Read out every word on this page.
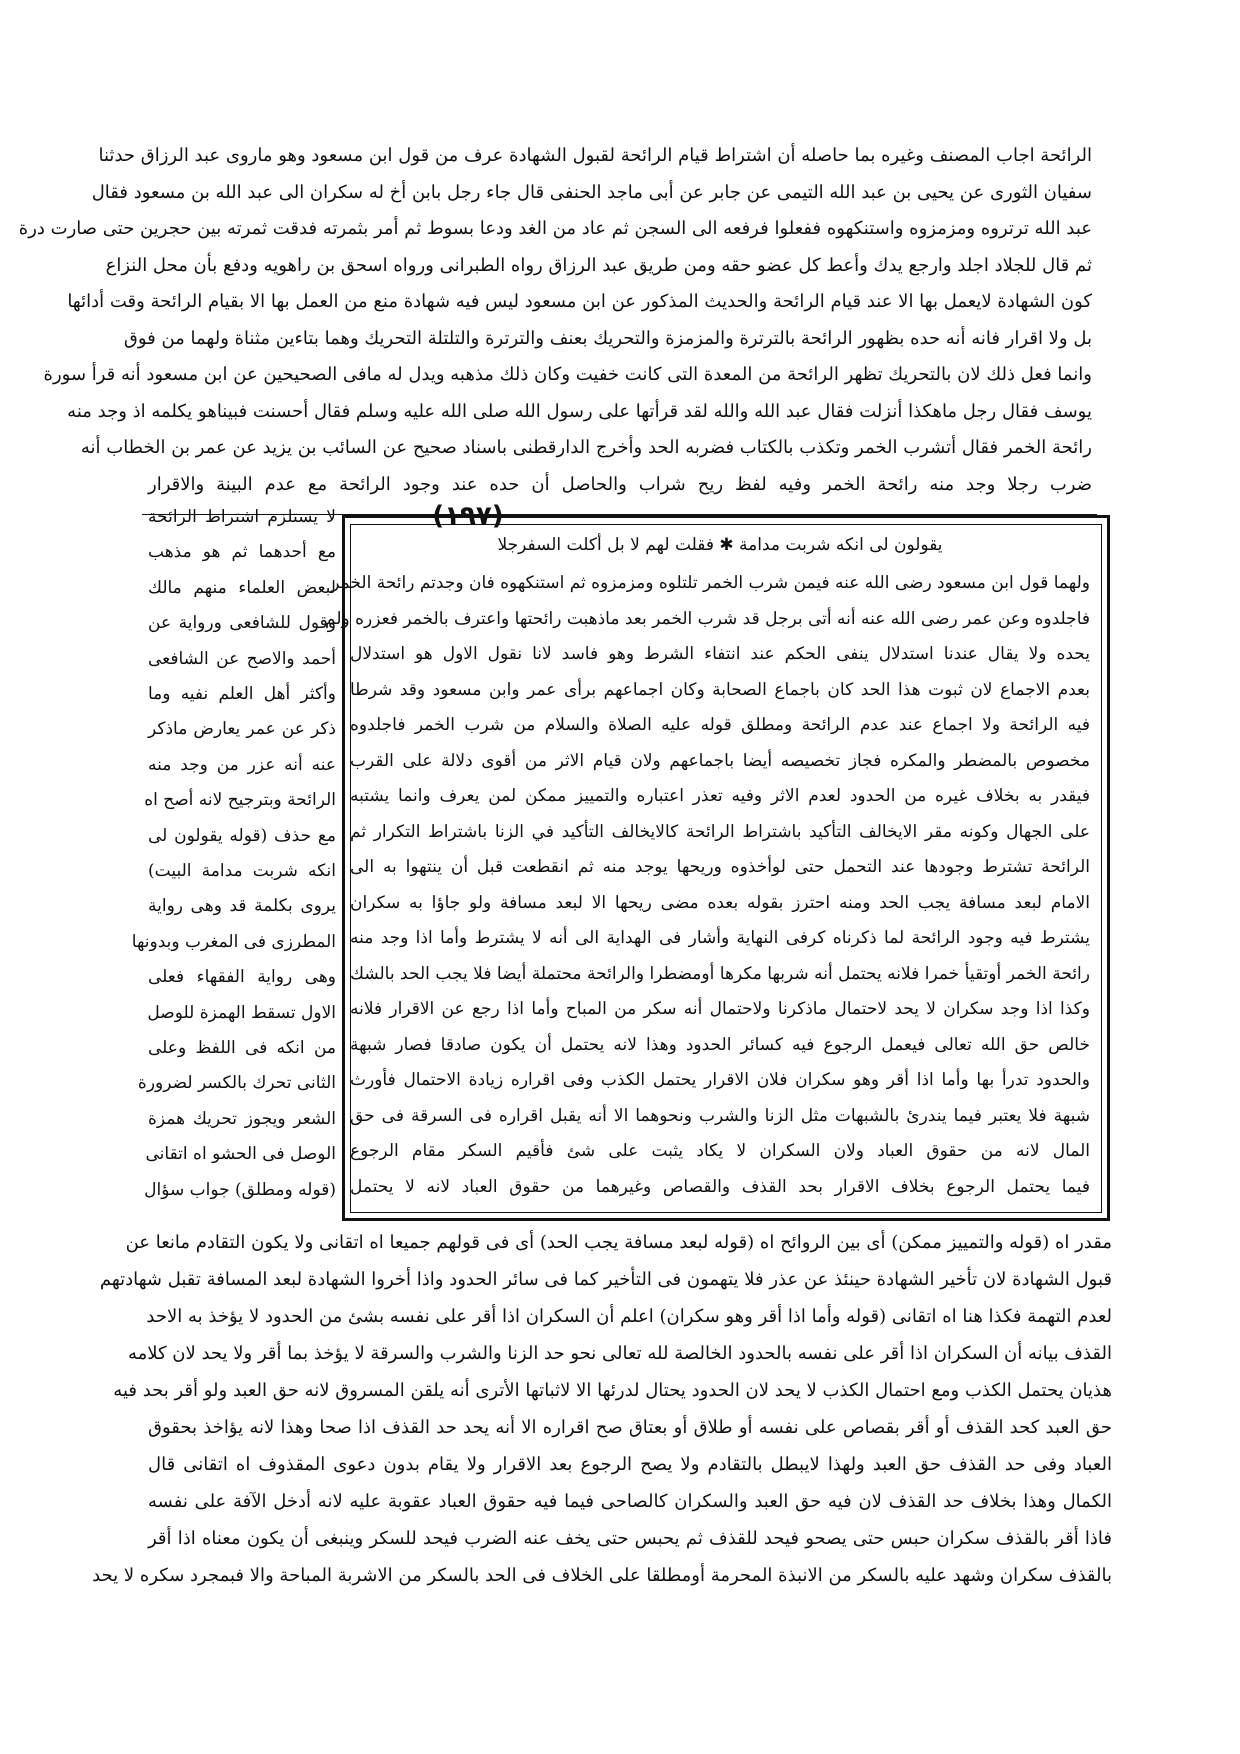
الرائحة اجاب المصنف وغيره بما حاصله أن اشتراط قيام الرائحة لقبول الشهادة عرف من قول ابن مسعود وهو ماروى عبد الرزاق حدثنا
سفيان الثورى عن يحيى بن عبد الله التيمى عن جابر عن أبى ماجد الحنفى قال جاء رجل بابن أخ له سكران الى عبد الله بن مسعود فقال
عبد الله ترتروه ومزمزوه واستنكهوه ففعلوا فرفعه الى السجن ثم عاد من الغد ودعا بسوط ثم أمر بثمرته فدقت ثمرته بين حجرين حتى صارت درة
ثم قال للجلاد اجلد وارجع يدك وأعط كل عضو حقه ومن طريق عبد الرزاق رواه الطبرانى ورواه اسحق بن راهويه ودفع بأن محل النزاع
كون الشهادة لايعمل بها الا عند قيام الرائحة والحديث المذكور عن ابن مسعود ليس فيه شهادة منع من العمل بها الا بقيام الرائحة وقت أدائها
بل ولا اقرار فانه أنه حده بظهور الرائحة بالترترة والمزمزة والتحريك بعنف والترترة والتلتلة التحريك وهما بتاءين مثناة ولهما من فوق
وانما فعل ذلك لان بالتحريك تظهر الرائحة من المعدة التى كانت خفيت وكان ذلك مذهبه ويدل له مافى الصحيحين عن ابن مسعود أنه قرأ سورة
يوسف فقال رجل ماهكذا أنزلت فقال عبد الله والله لقد قرأتها على رسول الله صلى الله عليه وسلم فقال أحسنت فبيناهو يكلمه اذ وجد منه
رائحة الخمر فقال أتشرب الخمر وتكذب بالكتاب فضربه الحد وأخرج الدارقطنى باسناد صحيح عن السائب بن يزيد عن عمر بن الخطاب أنه
ضرب رجلا وجد منه رائحة الخمر وفيه لفظ ريح شراب والحاصل أن حده عند وجود الرائحة مع عدم البينة والاقرار
(١٩٧)
يقولون لى انكه شربت مدامة ✱ فقلت لهم لا بل أكلت السفرجلا
ولهما قول ابن مسعود رضى الله عنه فيمن شرب الخمر تلتلوه ومزمزوه ثم استنكهوه فان وجدتم رائحة الخمر
فاجلدوه وعن عمر رضى الله عنه أنه أتى برجل قد شرب الخمر بعد ماذهبت رائحتها واعترف بالخمر فعزره ولم
يحده ولا يقال عندنا استدلال ينفى الحكم عند انتفاء الشرط وهو فاسد لانا نقول الاول هو استدلال
بعدم الاجماع لان ثبوت هذا الحد كان باجماع الصحابة وكان اجماعهم برأى عمر وابن مسعود وقد شرطا
فيه الرائحة ولا اجماع عند عدم الرائحة ومطلق قوله عليه الصلاة والسلام من شرب الخمر فاجلدوه
مخصوص بالمضطر والمكره فجاز تخصيصه أيضا باجماعهم ولان قيام الاثر من أقوى دلالة على القرب
فيقدر به بخلاف غيره من الحدود لعدم الاثر وفيه تعذر اعتباره والتمييز ممكن لمن يعرف وانما يشتبه
على الجهال وكونه مقر الايخالف التأكيد باشتراط الرائحة كالايخالف التأكيد في الزنا باشتراط التكرار ثم
الرائحة تشترط وجودها عند التحمل حتى لوأخذوه وريحها يوجد منه ثم انقطعت قبل أن ينتهوا به الى
الامام لبعد مسافة يجب الحد ومنه احترز بقوله بعده مضى ريحها الا لبعد مسافة ولو جاؤا به سكران
يشترط فيه وجود الرائحة لما ذكرناه كرفى النهاية وأشار فى الهداية الى أنه لا يشترط وأما اذا وجد منه
رائحة الخمر أوتقيأ خمرا فلانه يحتمل أنه شربها مكرها أومضطرا والرائحة محتملة أيضا فلا يجب الحد بالشك
وكذا اذا وجد سكران لا يحد لاحتمال ماذكرنا ولاحتمال أنه سكر من المباح وأما اذا رجع عن الاقرار فلانه
خالص حق الله تعالى فيعمل الرجوع فيه كسائر الحدود وهذا لانه يحتمل أن يكون صادقا فصار شبهة
والحدود تدرأ بها وأما اذا أقر وهو سكران فلان الاقرار يحتمل الكذب وفى اقراره زيادة الاحتمال فأورث
شبهة فلا يعتبر فيما يندرئ بالشبهات مثل الزنا والشرب ونحوهما الا أنه يقبل اقراره فى السرقة فى حق
المال لانه من حقوق العباد ولان السكران لا يكاد يثبت على شئ فأقيم السكر مقام الرجوع
فيما يحتمل الرجوع بخلاف الاقرار بحد القذف والقصاص وغيرهما من حقوق العباد لانه لا يحتمل
لا يستلزم اشتراط الرائحة
مع أحدهما ثم هو مذهب
لبعض العلماء منهم مالك
وقول للشافعى ورواية عن
أحمد والاصح عن الشافعى
وأكثر أهل العلم نفيه وما
ذكر عن عمر يعارض ماذكر
عنه أنه عزر من وجد منه
الرائحة وبترجيح لانه أصح اه
مع حذف (قوله يقولون لى
انكه شربت مدامة البيت)
يروى بكلمة قد وهى رواية
المطرزى فى المغرب وبدونها
وهى رواية الفقهاء فعلى
الاول تسقط الهمزة للوصل
من انكه فى اللفظ وعلى
الثانى تحرك بالكسر لضرورة
الشعر ويجوز تحريك همزة
الوصل فى الحشو اه اتقانى
(قوله ومطلق) جواب سؤال
مقدر اه (قوله والتمييز ممكن) أى بين الروائح اه (قوله لبعد مسافة يجب الحد) أى فى قولهم جميعا اه اتقانى ولا يكون التقادم مانعا عن
قبول الشهادة لان تأخير الشهادة حينئذ عن عذر فلا يتهمون فى التأخير كما فى سائر الحدود واذا أخروا الشهادة لبعد المسافة تقبل شهادتهم
لعدم التهمة فكذا هنا اه اتقانى (قوله وأما اذا أقر وهو سكران) اعلم أن السكران اذا أقر على نفسه بشئ من الحدود لا يؤخذ به الاحد
القذف بيانه أن السكران اذا أقر على نفسه بالحدود الخالصة لله تعالى نحو حد الزنا والشرب والسرقة لا يؤخذ بما أقر ولا يحد لان كلامه
هذيان يحتمل الكذب ومع احتمال الكذب لا يحد لان الحدود يحتال لدرئها الا لاثباتها الأترى أنه يلقن المسروق لانه حق العبد ولو أقر بحد فيه
حق العبد كحد القذف أو أقر بقصاص على نفسه أو طلاق أو بعتاق صح اقراره الا أنه يحد حد القذف اذا صحا وهذا لانه يؤاخذ بحقوق
العباد وفى حد القذف حق العبد ولهذا لايبطل بالتقادم ولا يصح الرجوع بعد الاقرار ولا يقام بدون دعوى المقذوف اه اتقانى قال
الكمال وهذا بخلاف حد القذف لان فيه حق العبد والسكران كالصاحى فيما فيه حقوق العباد عقوبة عليه لانه أدخل الآفة على نفسه
فاذا أقر بالقذف سكران حبس حتى يصحو فيحد للقذف ثم يحبس حتى يخف عنه الضرب فيحد للسكر وينبغى أن يكون معناه اذا أقر
بالقذف سكران وشهد عليه بالسكر من الانبذة المحرمة أومطلقا على الخلاف فى الحد بالسكر من الاشربة المباحة والا فبمجرد سكره لا يحد
